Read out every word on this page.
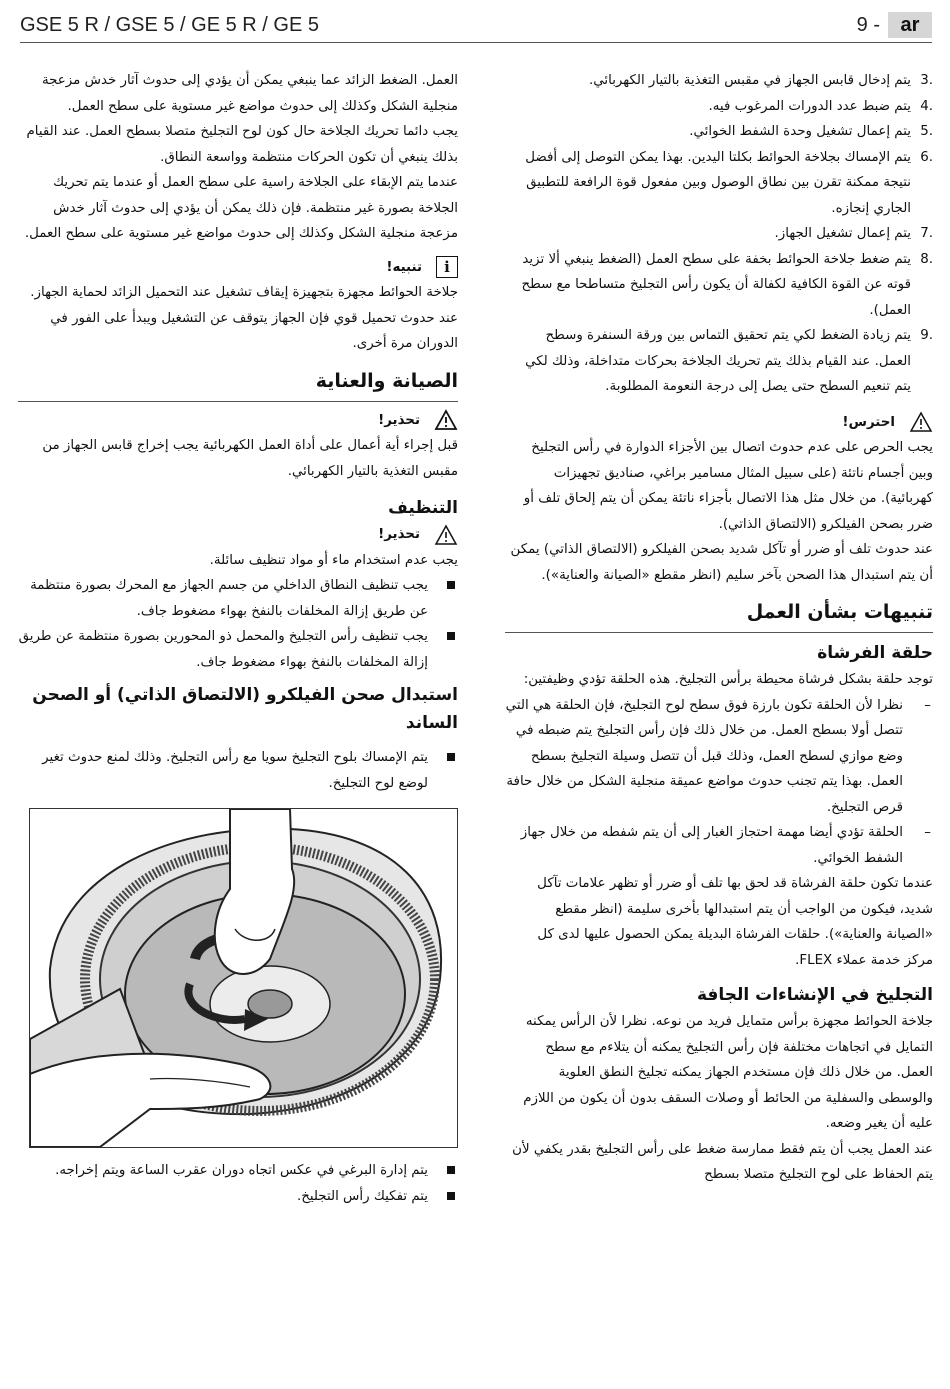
GSE 5 R / GSE 5 / GE 5 R / GE 5	9 -	ar
3.

يتم إدخال قابس الجهاز في مقبس التغذية بالتيار الكهربائي.

4.

يتم ضبط عدد الدورات المرغوب فيه.

5.

يتم إعمال تشغيل وحدة الشفط الخوائي.

6.

يتم الإمساك بجلاخة الحوائط بكلتا اليدين. بهذا يمكن التوصل إلى أفضل نتيجة ممكنة تقرن بين نطاق الوصول وبين مفعول قوة الرافعة للتطبيق الجاري إنجازه.

7.

يتم إعمال تشغيل الجهاز.

8.

يتم ضغط جلاخة الحوائط بخفة على سطح العمل (الضغط ينبغي ألا تزيد قوته عن القوة الكافية لكفالة أن يكون رأس التجليخ متساطحا مع سطح العمل).

9.

يتم زيادة الضغط لكي يتم تحقيق التماس بين ورقة السنفرة وسطح العمل. عند القيام بذلك يتم تحريك الجلاخة بحركات متداخلة، وذلك لكي يتم تنعيم السطح حتى يصل إلى درجة النعومة المطلوبة.

احترس!

يجب الحرص على عدم حدوث اتصال بين الأجزاء الدوارة في رأس التجليخ وبين أجسام ناتئة (على سبيل المثال مسامير براغي، صناديق تجهيزات كهربائية). من خلال مثل هذا الاتصال بأجزاء ناتئة يمكن أن يتم إلحاق تلف أو ضرر بصحن الفيلكرو (الالتصاق الذاتي).

عند حدوث تلف أو ضرر أو تآكل شديد بصحن الفيلكرو (الالتصاق الذاتي) يمكن أن يتم استبدال هذا الصحن بآخر سليم (انظر مقطع «الصيانة والعناية»).

تنبيهات بشأن العمل
حلقة الفرشاة

توجد حلقة بشكل فرشاة محيطة برأس التجليخ. هذه الحلقة تؤدي وظيفتين:

–

نظرا لأن الحلقة تكون بارزة فوق سطح لوح التجليخ، فإن الحلقة هي التي تتصل أولا بسطح العمل. من خلال ذلك فإن رأس التجليخ يتم ضبطه في وضع موازي لسطح العمل، وذلك قبل أن تتصل وسيلة التجليخ بسطح العمل. بهذا يتم تجنب حدوث مواضع عميقة منجلية الشكل من خلال حافة قرص التجليخ.

–

الحلقة تؤدي أيضا مهمة احتجاز الغبار إلى أن يتم شفطه من خلال جهاز الشفط الخوائي.

عندما تكون حلقة الفرشاة قد لحق بها تلف أو ضرر أو تظهر علامات تآكل شديد، فيكون من الواجب أن يتم استبدالها بأخرى سليمة (انظر مقطع «الصيانة والعناية»). حلقات الفرشاة البديلة يمكن الحصول عليها لدى كل مركز خدمة عملاء FLEX.

التجليخ في الإنشاءات الجافة

جلاخة الحوائط مجهزة برأس متمايل فريد من نوعه. نظرا لأن الرأس يمكنه التمايل في اتجاهات مختلفة فإن رأس التجليخ يمكنه أن يتلاءم مع سطح العمل. من خلال ذلك فإن مستخدم الجهاز يمكنه تجليخ النطق العلوية والوسطى والسفلية من الحائط أو وصلات السقف بدون أن يكون من اللازم عليه أن يغير وضعه.

عند العمل يجب أن يتم فقط ممارسة ضغط على رأس التجليخ بقدر يكفي لأن يتم الحفاظ على لوح التجليخ متصلا بسطح

العمل. الضغط الزائد عما ينبغي يمكن أن يؤدي إلى حدوث آثار خدش مزعجة منجلية الشكل وكذلك إلى حدوث مواضع غير مستوية على سطح العمل.

يجب دائما تحريك الجلاخة حال كون لوح التجليخ متصلا بسطح العمل. عند القيام بذلك ينبغي أن تكون الحركات منتظمة وواسعة النطاق.

عندما يتم الإبقاء على الجلاخة راسية على سطح العمل أو عندما يتم تحريك الجلاخة بصورة غير منتظمة. فإن ذلك يمكن أن يؤدي إلى حدوث آثار خدش مزعجة منجلية الشكل وكذلك إلى حدوث مواضع غير مستوية على سطح العمل.

i
تنبيه!

جلاخة الحوائط مجهزة بتجهيزة إيقاف تشغيل عند التحميل الزائد لحماية الجهاز. عند حدوث تحميل قوي فإن الجهاز يتوقف عن التشغيل ويبدأ على الفور في الدوران مرة أخرى.

الصيانة والعناية
تحذير!

قبل إجراء أية أعمال على أداة العمل الكهربائية يجب إخراج قابس الجهاز من مقبس التغذية بالتيار الكهربائي.

التنظيف
تحذير!

يجب عدم استخدام ماء أو مواد تنظيف سائلة.

يجب تنظيف النطاق الداخلي من جسم الجهاز مع المحرك بصورة منتظمة عن طريق إزالة المخلفات بالنفخ بهواء مضغوط جاف.

يجب تنظيف رأس التجليخ والمحمل ذو المحورين بصورة منتظمة عن طريق إزالة المخلفات بالنفخ بهواء مضغوط جاف.

استبدال صحن الفيلكرو (الالتصاق الذاتي) أو الصحن الساند

يتم الإمساك بلوح التجليخ سويا مع رأس التجليخ. وذلك لمنع حدوث تغير لوضع لوح التجليخ.

يتم إدارة البرغي في عكس اتجاه دوران عقرب الساعة ويتم إخراجه.

يتم تفكيك رأس التجليخ.
